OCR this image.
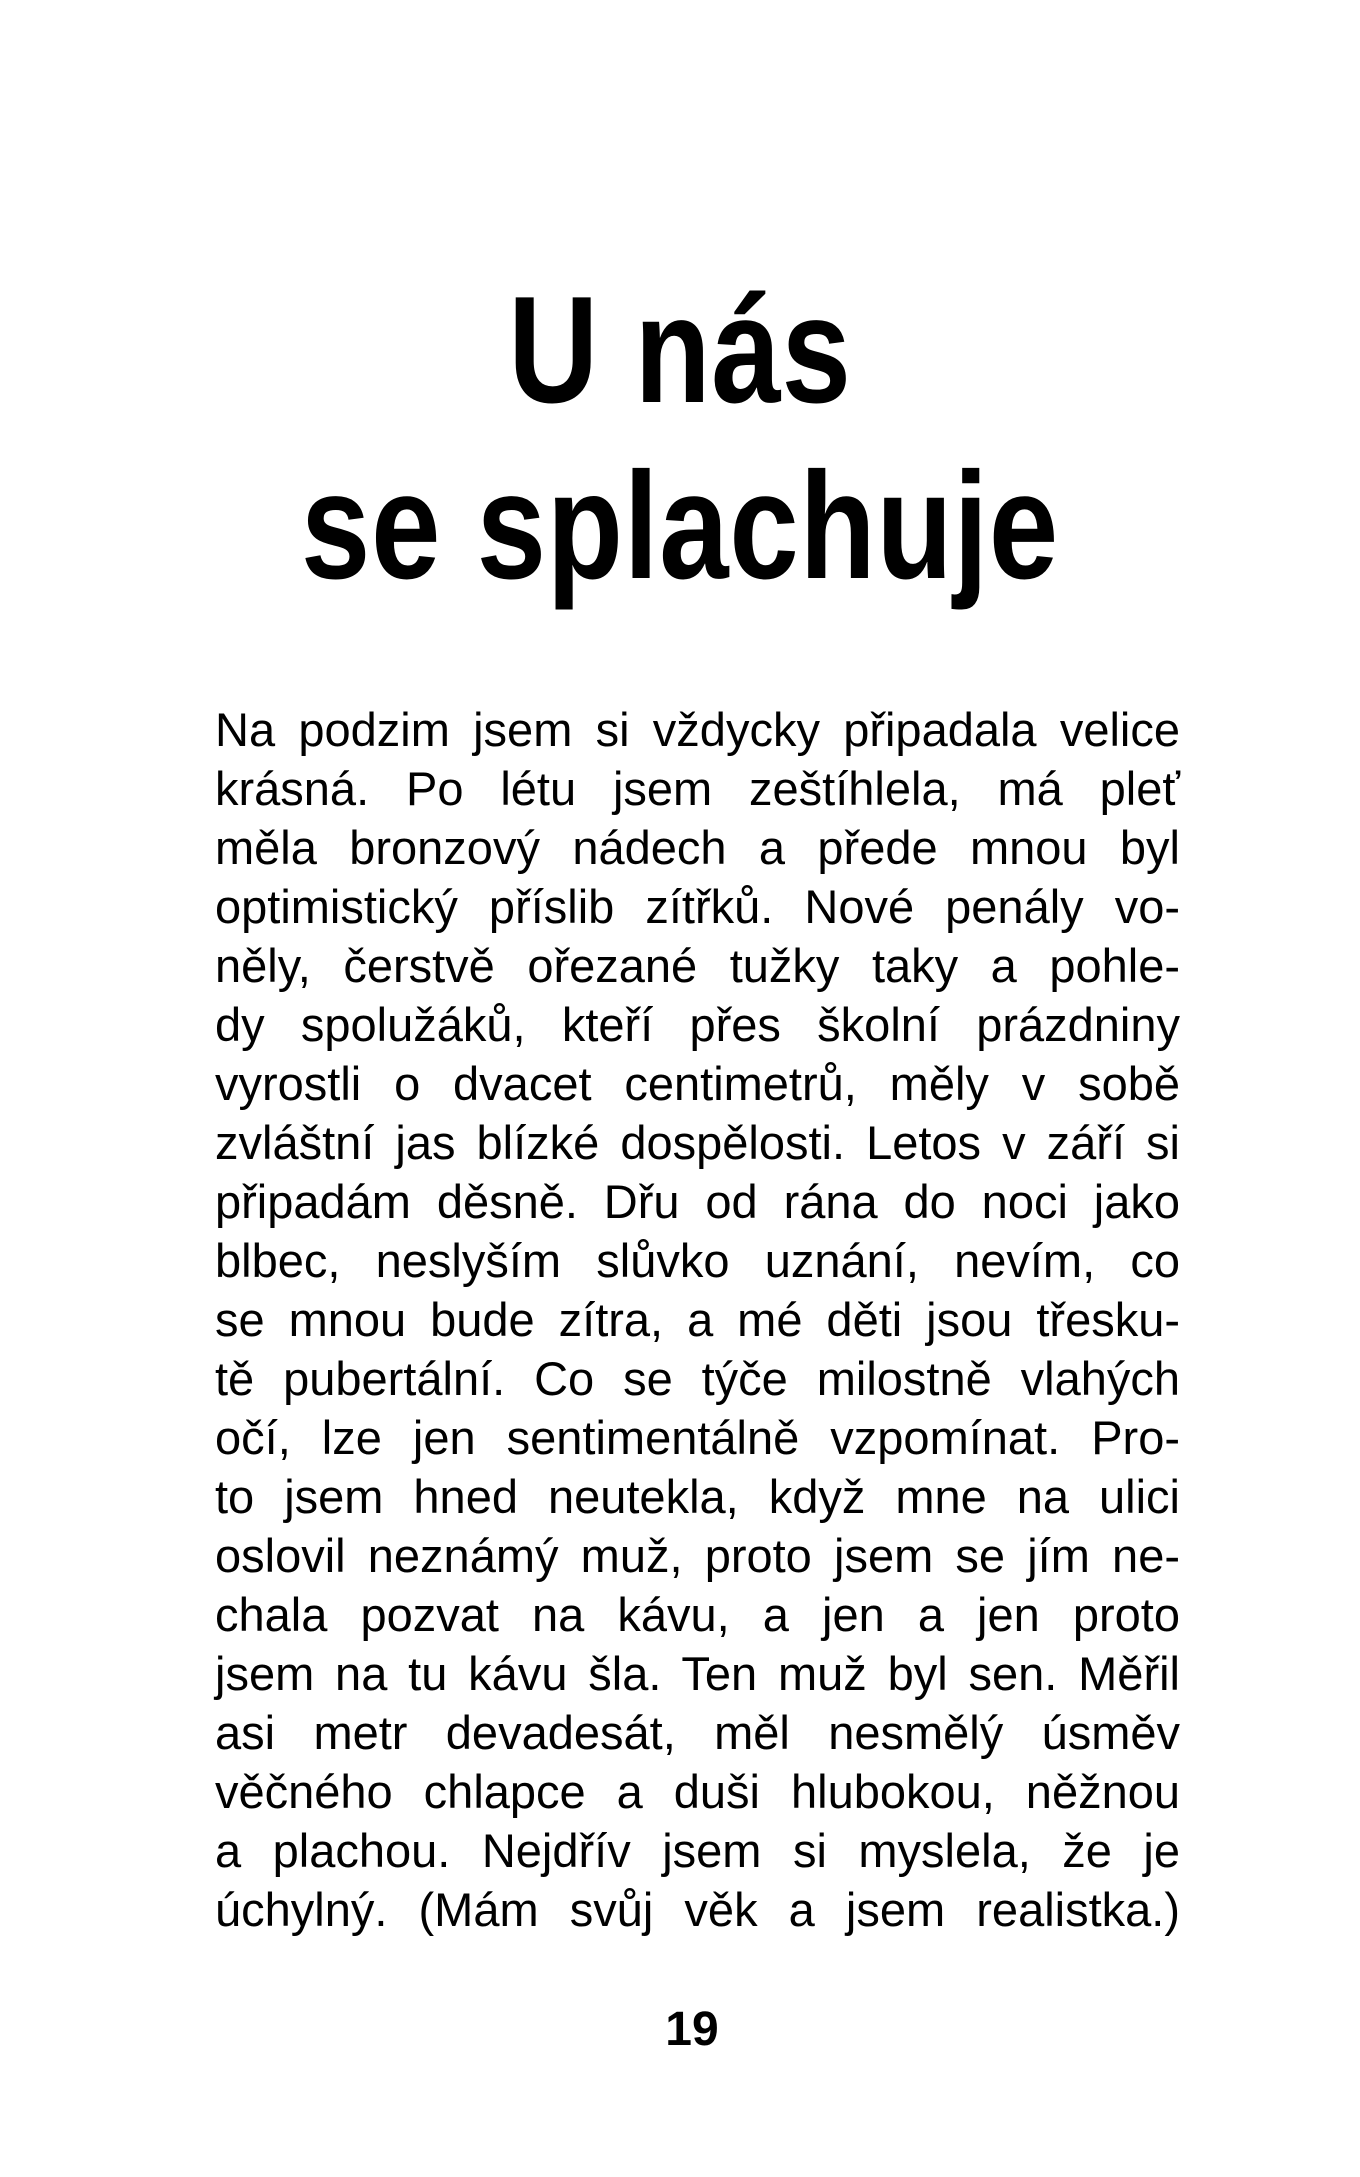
U nás
se splachuje
Na podzim jsem si vždycky připadala velice
krásná. Po létu jsem zeštíhlela, má pleť
měla bronzový nádech a přede mnou byl
optimistický příslib zítřků. Nové penály vo-
něly, čerstvě ořezané tužky taky a pohle-
dy spolužáků, kteří přes školní prázdniny
vyrostli o dvacet centimetrů, měly v sobě
zvláštní jas blízké dospělosti. Letos v září si
připadám děsně. Dřu od rána do noci jako
blbec, neslyším slůvko uznání, nevím, co
se mnou bude zítra, a mé děti jsou třesku-
tě pubertální. Co se týče milostně vlahých
očí, lze jen sentimentálně vzpomínat. Pro-
to jsem hned neutekla, když mne na ulici
oslovil neznámý muž, proto jsem se jím ne-
chala pozvat na kávu, a jen a jen proto
jsem na tu kávu šla. Ten muž byl sen. Měřil
asi metr devadesát, měl nesmělý úsměv
věčného chlapce a duši hlubokou, něžnou
a plachou. Nejdřív jsem si myslela, že je
úchylný. (Mám svůj věk a jsem realistka.)
19
